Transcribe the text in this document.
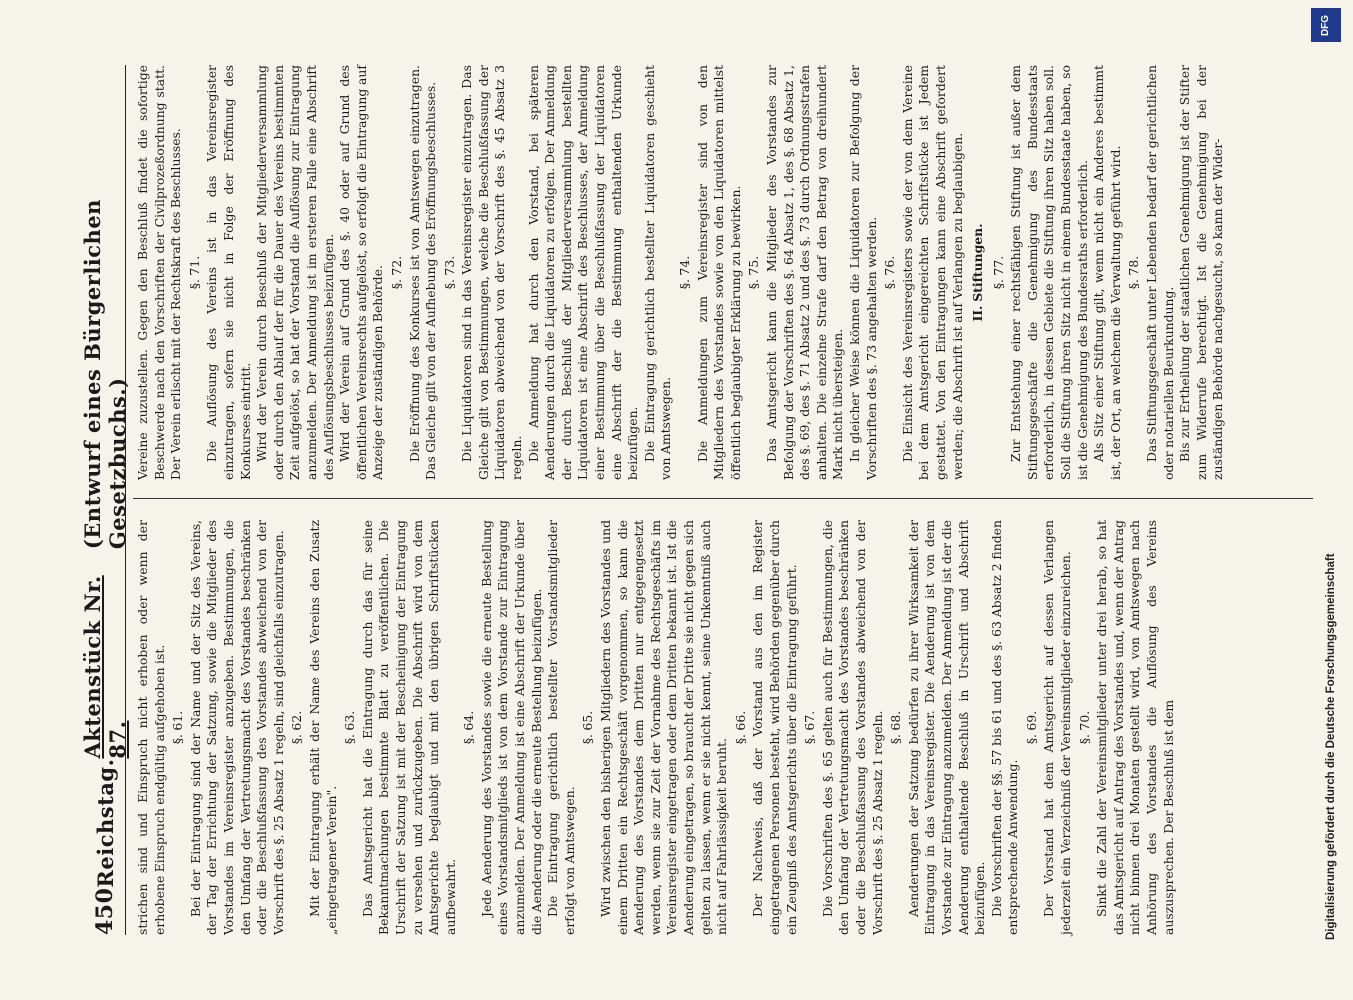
450
Reichstag.
Aktenstück Nr. 87.
(Entwurf eines Bürgerlichen Gesetzbuchs.)

strichen sind und Einspruch nicht erhoben oder wenn der erhobene Einspruch endgültig aufgehoben ist. §. 61. Bei der Eintragung sind der Name und der Sitz des Vereins, der Tag der Errichtung der Satzung, sowie die Mitglieder des Vorstandes im Vereinsregister anzugeben. Bestimmungen, die den Umfang der Vertretungsmacht des Vorstandes beschränken oder die Beschlußfassung des Vorstandes abweichend von der Vorschrift des §. 25 Absatz 1 regeln, sind gleichfalls einzutragen. §. 62. Mit der Eintragung erhält der Name des Vereins den Zusatz „eingetragener Verein".

§. 63. Das Amtsgericht hat die Eintragung durch das für seine Bekanntmachungen bestimmte Blatt zu veröffentlichen. Die Urschrift der Satzung ist mit der Bescheinigung der Eintragung zu versehen und zurückzugeben. Die Abschrift wird von dem Amtsgerichte beglaubigt und mit den übrigen Schriftstücken aufbewahrt.

§. 64. Jede Aenderung des Vorstandes sowie die erneute Bestellung eines Vorstandsmitglieds ist von dem Vorstande zur Eintragung anzumelden. Der Anmeldung ist eine Abschrift der Urkunde über die Aenderung oder die erneute Bestellung beizufügen. Die Eintragung gerichtlich bestellter Vorstandsmitglieder erfolgt von Amtswegen.

§. 65. Wird zwischen den bisherigen Mitgliedern des Vorstandes und einem Dritten ein Rechtsgeschäft vorgenommen, so kann die Aenderung des Vorstandes dem Dritten nur entgegengesetzt werden, wenn sie zur Zeit der Vornahme des Rechtsgeschäfts im Vereinsregister eingetragen oder dem Dritten bekannt ist. Ist die Aenderung eingetragen, so braucht der Dritte sie nicht gegen sich gelten zu lassen, wenn er sie nicht kennt, seine Unkenntniß auch nicht auf Fahrlässigkeit beruht.

§. 66. Der Nachweis, daß der Vorstand aus den im Register eingetragenen Personen besteht, wird Behörden gegenüber durch ein Zeugniß des Amtsgerichts über die Eintragung geführt. §. 67. Die Vorschriften des §. 65 gelten auch für Bestimmungen, die den Umfang der Vertretungsmacht des Vorstandes beschränken oder die Beschlußfassung des Vorstandes abweichend von der Vorschrift des §. 25 Absatz 1 regeln. §. 68. Aenderungen der Satzung bedürfen zu ihrer Wirksamkeit der Eintragung in das Vereinsregister. Die Aenderung ist von dem Vorstande zur Eintragung anzumelden. Der Anmeldung ist der die Aenderung enthaltende Beschluß in Urschrift und Abschrift beizufügen. Die Vorschriften der §§. 57 bis 61 und des §. 63 Absatz 2 finden entsprechende Anwendung.

§. 69. Der Vorstand hat dem Amtsgericht auf dessen Verlangen jederzeit ein Verzeichniß der Vereinsmitglieder einzureichen. §. 70. Sinkt die Zahl der Vereinsmitglieder unter drei herab, so hat das Amtsgericht auf Antrag des Vorstandes und, wenn der Antrag nicht binnen drei Monaten gestellt wird, von Amtswegen nach Anhörung des Vorstandes die Auflösung des Vereins auszusprechen. Der Beschluß ist dem

Vereine zuzustellen. Gegen den Beschluß findet die sofortige Beschwerde nach den Vorschriften der Civilprozeßordnung statt. Der Verein erlischt mit der Rechtskraft des Beschlusses. §. 71. Die Auflösung des Vereins ist in das Vereinsregister einzutragen, sofern sie nicht in Folge der Eröffnung des Konkurses eintritt. Wird der Verein durch Beschluß der Mitgliederversammlung oder durch den Ablauf der für die Dauer des Vereins bestimmten Zeit aufgelöst, so hat der Vorstand die Auflösung zur Eintragung anzumelden. Der Anmeldung ist im ersteren Falle eine Abschrift des Auflösungsbeschlusses beizufügen. Wird der Verein auf Grund des §. 40 oder auf Grund des öffentlichen Vereinsrechts aufgelöst, so erfolgt die Eintragung auf Anzeige der zuständigen Behörde. §. 72. Die Eröffnung des Konkurses ist von Amtswegen einzutragen. Das Gleiche gilt von der Aufhebung des Eröffnungsbeschlusses. §. 73. Die Liquidatoren sind in das Vereinsregister einzutragen. Das Gleiche gilt von Bestimmungen, welche die Beschlußfassung der Liquidatoren abweichend von der Vorschrift des §. 45 Absatz 3 regeln. Die Anmeldung hat durch den Vorstand, bei späteren Aenderungen durch die Liquidatoren zu erfolgen. Der Anmeldung der durch Beschluß der Mitgliederversammlung bestellten Liquidatoren ist eine Abschrift des Beschlusses, der Anmeldung einer Bestimmung über die Beschlußfassung der Liquidatoren eine Abschrift der die Bestimmung enthaltenden Urkunde beizufügen. Die Eintragung gerichtlich bestellter Liquidatoren geschieht von Amtswegen.

§. 74. Die Anmeldungen zum Vereinsregister sind von den Mitgliedern des Vorstandes sowie von den Liquidatoren mittelst öffentlich beglaubigter Erklärung zu bewirken. §. 75. Das Amtsgericht kann die Mitglieder des Vorstandes zur Befolgung der Vorschriften des §. 64 Absatz 1, des §. 68 Absatz 1, des §. 69, des §. 71 Absatz 2 und des §. 73 durch Ordnungsstrafen anhalten. Die einzelne Strafe darf den Betrag von dreihundert Mark nicht übersteigen. In gleicher Weise können die Liquidatoren zur Befolgung der Vorschriften des §. 73 angehalten werden. §. 76. Die Einsicht des Vereinsregisters sowie der von dem Vereine bei dem Amtsgericht eingereichten Schriftstücke ist Jedem gestattet. Von den Eintragungen kann eine Abschrift gefordert werden; die Abschrift ist auf Verlangen zu beglaubigen. II. Stiftungen. §. 77. Zur Entstehung einer rechtsfähigen Stiftung ist außer dem Stiftungsgeschäfte die Genehmigung des Bundesstaats erforderlich, in dessen Gebiete die Stiftung ihren Sitz haben soll. Soll die Stiftung ihren Sitz nicht in einem Bundesstaate haben, so ist die Genehmigung des Bundesraths erforderlich. Als Sitz einer Stiftung gilt, wenn nicht ein Anderes bestimmt ist, der Ort, an welchem die Verwaltung geführt wird. §. 78. Das Stiftungsgeschäft unter Lebenden bedarf der gerichtlichen oder notariellen Beurkundung. Bis zur Ertheilung der staatlichen Genehmigung ist der Stifter zum Widerrufe berechtigt. Ist die Genehmigung bei der zuständigen Behörde nachgesucht, so kann der Wider-

DFG
Digitalisierung gefördert durch die Deutsche Forschungsgemeinschaft
